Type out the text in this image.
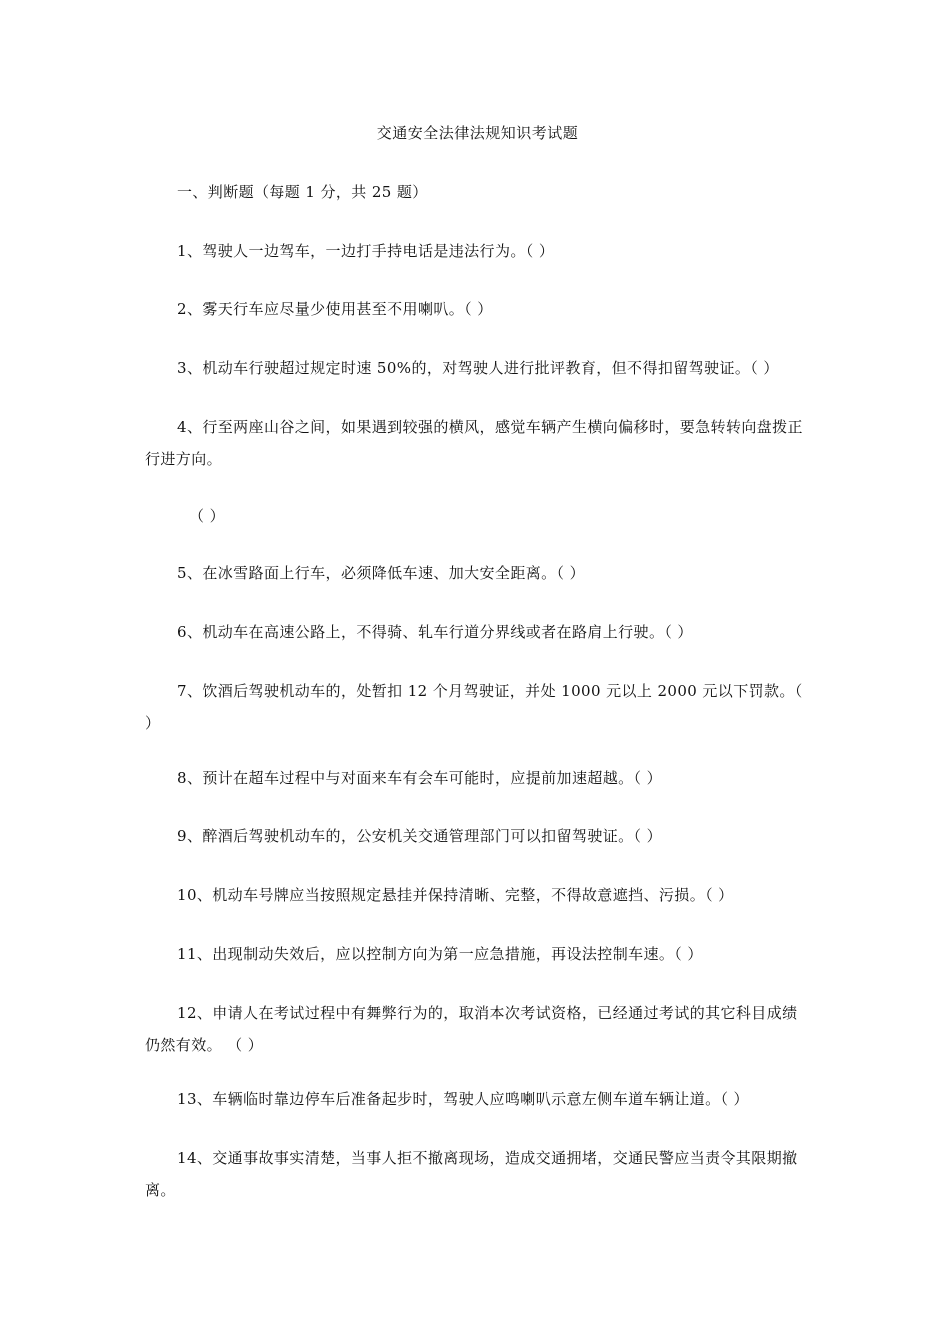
交通安全法律法规知识考试题
一、判断题（每题 1 分，共 25 题）
1、驾驶人一边驾车，一边打手持电话是违法行为。（ ）
2、雾天行车应尽量少使用甚至不用喇叭。（ ）
3、机动车行驶超过规定时速 50%的，对驾驶人进行批评教育，但不得扣留驾驶证。（ ）
4、行至两座山谷之间，如果遇到较强的横风，感觉车辆产生横向偏移时，要急转转向盘拨正行进方向。
（ ）
5、在冰雪路面上行车，必须降低车速、加大安全距离。（ ）
6、机动车在高速公路上，不得骑、轧车行道分界线或者在路肩上行驶。（ ）
7、饮酒后驾驶机动车的，处暂扣 12 个月驾驶证，并处 1000 元以上 2000 元以下罚款。（ ）
8、预计在超车过程中与对面来车有会车可能时，应提前加速超越。（ ）
9、醉酒后驾驶机动车的，公安机关交通管理部门可以扣留驾驶证。（ ）
10、机动车号牌应当按照规定悬挂并保持清晰、完整，不得故意遮挡、污损。（ ）
11、出现制动失效后，应以控制方向为第一应急措施，再设法控制车速。（ ）
12、申请人在考试过程中有舞弊行为的，取消本次考试资格，已经通过考试的其它科目成绩仍然有效。 （ ）
13、车辆临时靠边停车后准备起步时，驾驶人应鸣喇叭示意左侧车道车辆让道。（ ）
14、交通事故事实清楚，当事人拒不撤离现场，造成交通拥堵，交通民警应当责令其限期撤离。
